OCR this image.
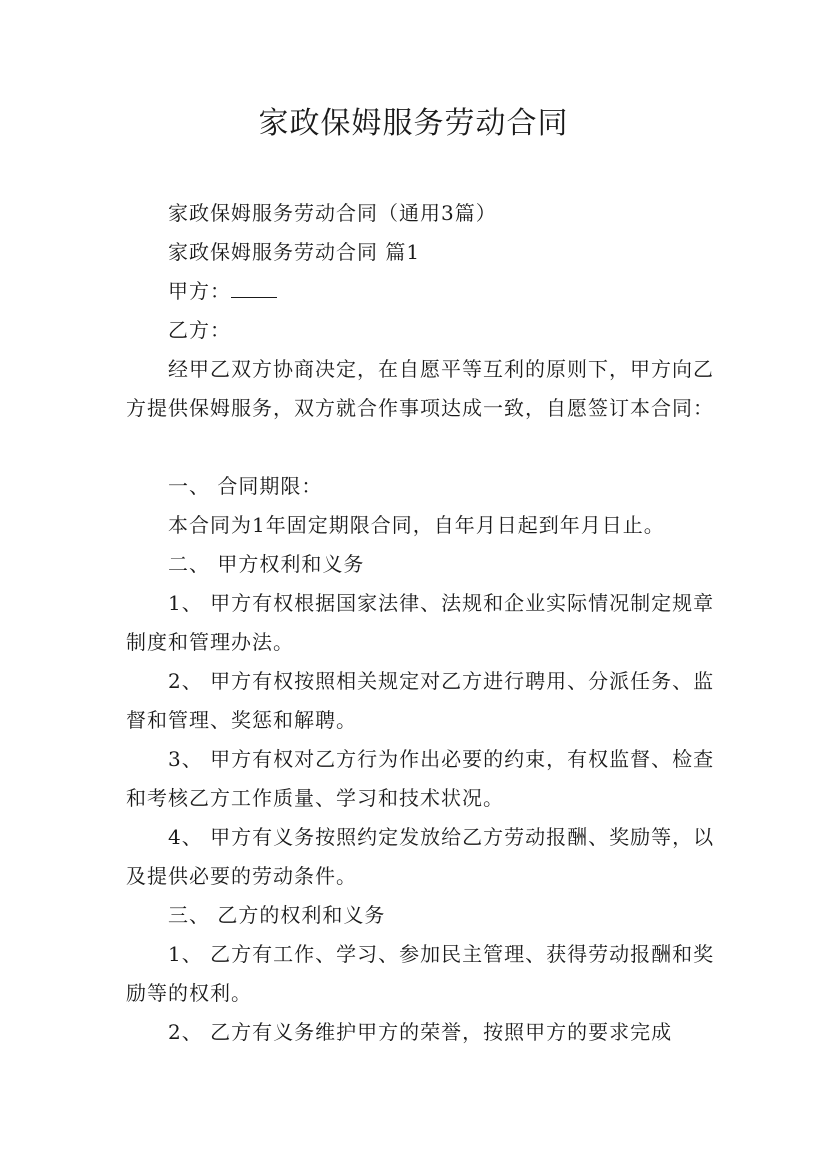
家政保姆服务劳动合同
　　家政保姆服务劳动合同（通用3篇）
　　家政保姆服务劳动合同 篇1
　　甲方：
　　乙方：
　　经甲乙双方协商决定，在自愿平等互利的原则下，甲方向乙方提供保姆服务，双方就合作事项达成一致，自愿签订本合同：
　　一、 合同期限：
　　本合同为1年固定期限合同，自年月日起到年月日止。
　　二、 甲方权利和义务
　　1、 甲方有权根据国家法律、法规和企业实际情况制定规章制度和管理办法。
　　2、 甲方有权按照相关规定对乙方进行聘用、分派任务、监督和管理、奖惩和解聘。
　　3、 甲方有权对乙方行为作出必要的约束，有权监督、检查和考核乙方工作质量、学习和技术状况。
　　4、 甲方有义务按照约定发放给乙方劳动报酬、奖励等，以及提供必要的劳动条件。
　　三、 乙方的权利和义务
　　1、 乙方有工作、学习、参加民主管理、获得劳动报酬和奖励等的权利。
　　2、 乙方有义务维护甲方的荣誉，按照甲方的要求完成
